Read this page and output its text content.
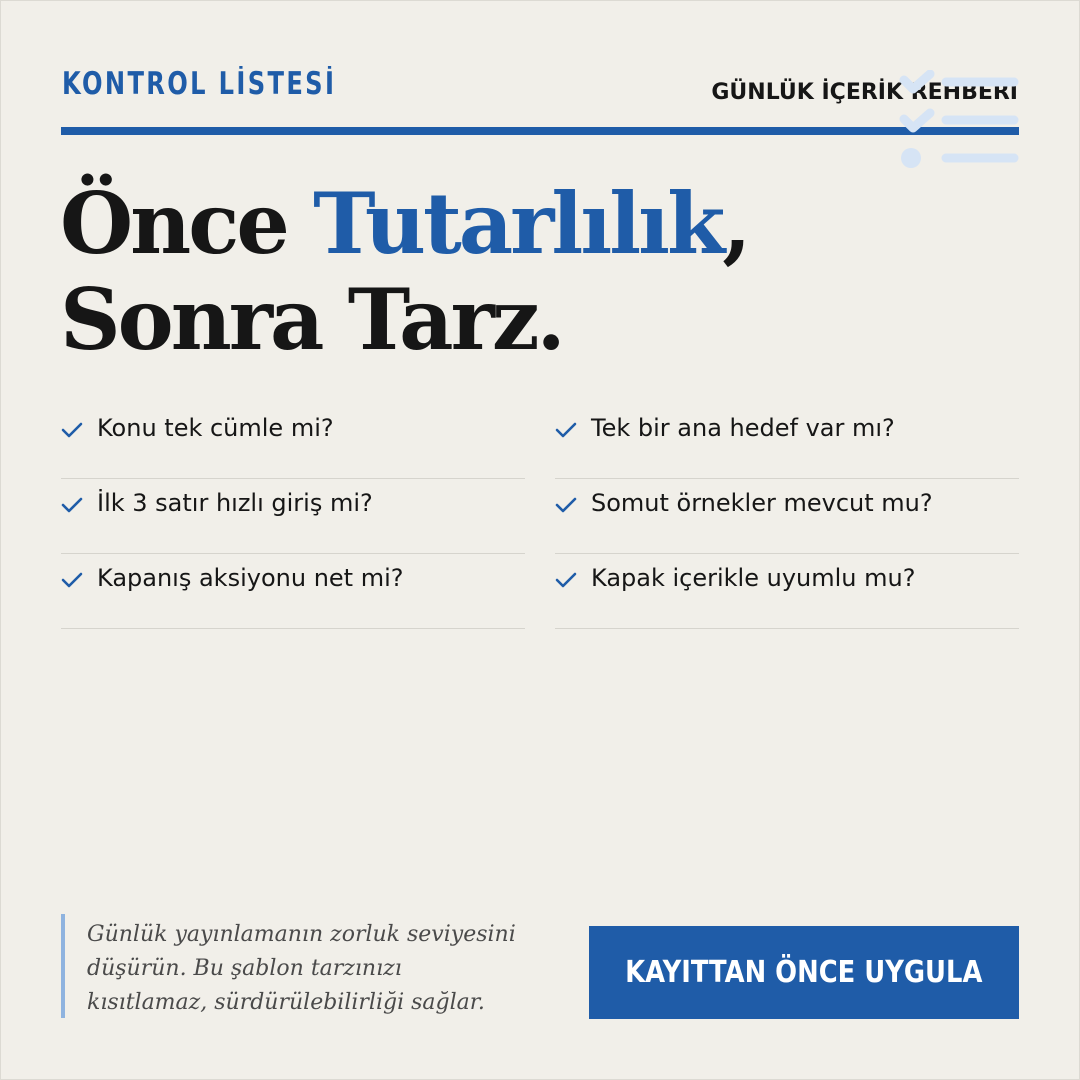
KONTROL LİSTESİ	GÜNLÜK İÇERİK REHBERİ
Önce Tutarlılık,
Sonra Tarz.
Konu tek cümle mi?	Tek bir ana hedef var mı?
İlk 3 satır hızlı giriş mi?	Somut örnekler mevcut mu?
Kapanış aksiyonu net mi?	Kapak içerikle uyumlu mu?
Günlük yayınlamanın zorluk seviyesini
düşürün. Bu şablon tarzınızı
kısıtlamaz, sürdürülebilirliği sağlar.
KAYITTAN ÖNCE UYGULA
